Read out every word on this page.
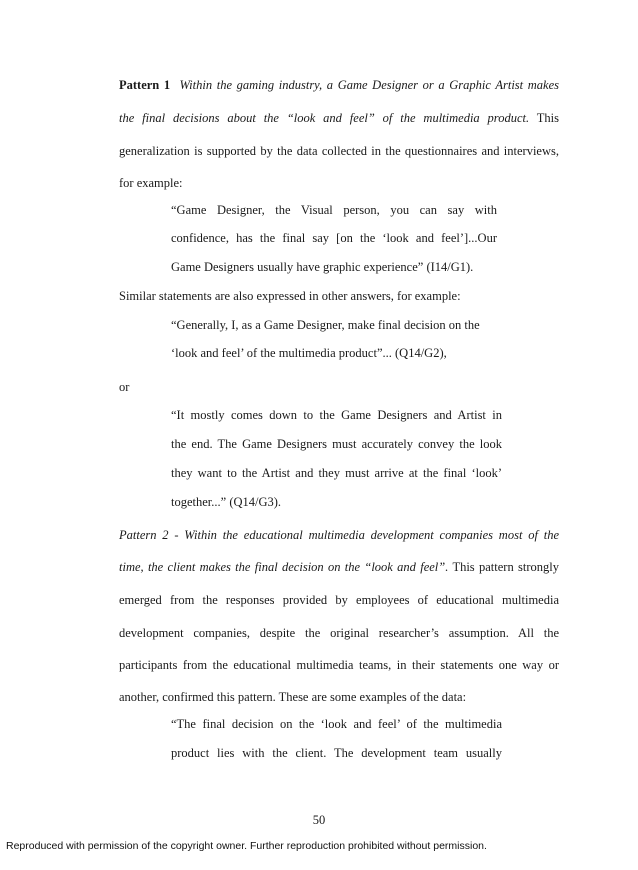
Pattern 1 Within the gaming industry, a Game Designer or a Graphic Artist makes
the final decisions about the “look and feel” of the multimedia product. This
generalization is supported by the data collected in the questionnaires and interviews,
for example:
“Game Designer, the Visual person, you can say with
confidence, has the final say [on the ‘look and feel’]...Our
Game Designers usually have graphic experience” (I14/G1).
Similar statements are also expressed in other answers, for example:
“Generally, I, as a Game Designer, make final decision on the
‘look and feel’ of the multimedia product”... (Q14/G2),
or
“It mostly comes down to the Game Designers and Artist in
the end. The Game Designers must accurately convey the look
they want to the Artist and they must arrive at the final ‘look’
together...” (Q14/G3).
Pattern 2 - Within the educational multimedia development companies most of the
time, the client makes the final decision on the “look and feel”. This pattern strongly
emerged from the responses provided by employees of educational multimedia
development companies, despite the original researcher’s assumption. All the
participants from the educational multimedia teams, in their statements one way or
another, confirmed this pattern. These are some examples of the data:
“The final decision on the ‘look and feel’ of the multimedia
product lies with the client. The development team usually
50
Reproduced with permission of the copyright owner. Further reproduction prohibited without permission.
